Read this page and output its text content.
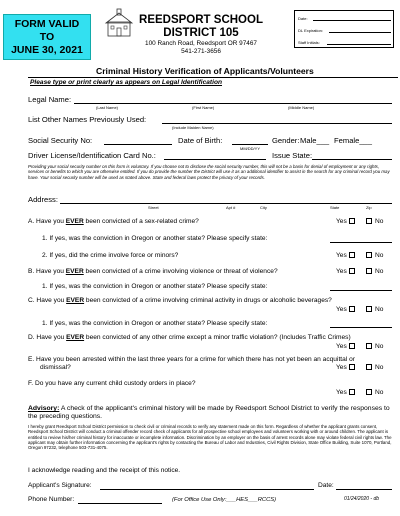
FORM VALID
TO
JUNE 30, 2021
REEDSPORT SCHOOL
DISTRICT 105
100 Ranch Road, Reedsport OR 97467
541-271-3656
Date:
DL Expiration:
Staff Initials:
Criminal History Verification of Applicants/Volunteers
Please type or print clearly as appears on Legal Identification
Legal Name:
(Last Name)	(First Name)	(Middle Name)
List Other Names Previously Used:
(Include Maiden Name)
Social Security No:	Date of Birth:
MM/DD/YY
Gender: Male___ Female___
Driver License/Identification Card No.:	Issue State:
Providing your social security number on this form is voluntary. If you choose not to disclose the social security number, this will not be a basis for denial of employment or any rights, services or benefits to which you are otherwise entitled. If you do provide the number the District will use it as an additional identifier to assist in the search for any criminal record you may have. Your social security number will be used as stated above. State and federal laws protect the privacy of your records.
Address:
Street	Apt #	City	State	Zip
A. Have you EVER been convicted of a sex-related crime?	Yes	No
1. If yes, was the conviction in Oregon or another state? Please specify state:
2. If yes, did the crime involve force or minors?	Yes	No
B. Have you EVER been convicted of a crime involving violence or threat of violence?	Yes	No
1. If yes, was the conviction in Oregon or another state? Please specify state:
C. Have you EVER been convicted of a crime involving criminal activity in drugs or alcoholic beverages?
Yes	No
1. If yes, was the conviction in Oregon or another state? Please specify state:
D. Have you EVER been convicted of any other crime except a minor traffic violation? (Includes Traffic Crimes)
Yes	No
E. Have you been arrested within the last three years for a crime for which there has not yet been an acquittal or
dismissal?	Yes	No
F. Do you have any current child custody orders in place?
Yes	No
Advisory: A check of the applicant's criminal history will be made by Reedsport School District to verify the responses to the preceding questions.
I hereby grant Reedsport School District permission to check civil or criminal records to verify any statement made on this form. Regardless of whether the applicant grants consent, Reedsport School District will conduct a criminal offender record check of applicants for all prospective school employees and volunteers working with or around children. The applicant is entitled to review his/her criminal history for inaccurate or incomplete information. Discrimination by an employer on the basis of arrest records alone may violate federal civil rights law. The applicant may obtain further information concerning the applicant's rights by contacting the Bureau of Labor and Industries, Civil Rights Division, State Office Building, Suite 1070, Portland, Oregon 97232, telephone 503-731-4075.
I acknowledge reading and the receipt of this notice.
Applicant's Signature:	Date:
Phone Number:	(For Office Use Only:___HES___RCCS)	01/24/2020 - db
